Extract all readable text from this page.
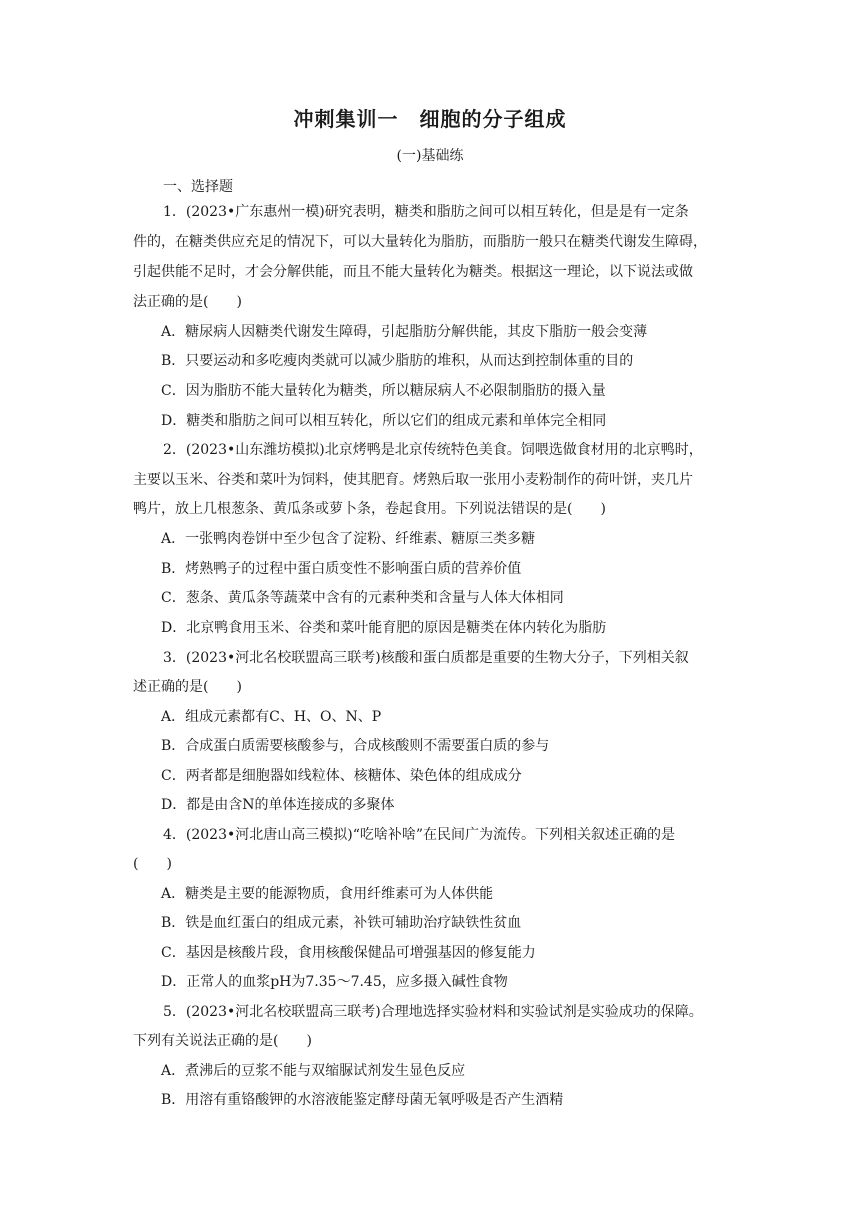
冲刺集训一　细胞的分子组成
(一)基础练
一、选择题
1．(2023•广东惠州一模)研究表明，糖类和脂肪之间可以相互转化，但是是有一定条
件的，在糖类供应充足的情况下，可以大量转化为脂肪，而脂肪一般只在糖类代谢发生障碍，
引起供能不足时，才会分解供能，而且不能大量转化为糖类。根据这一理论，以下说法或做
法正确的是(　　)
A．糖尿病人因糖类代谢发生障碍，引起脂肪分解供能，其皮下脂肪一般会变薄
B．只要运动和多吃瘦肉类就可以减少脂肪的堆积，从而达到控制体重的目的
C．因为脂肪不能大量转化为糖类，所以糖尿病人不必限制脂肪的摄入量
D．糖类和脂肪之间可以相互转化，所以它们的组成元素和单体完全相同
2．(2023•山东潍坊模拟)北京烤鸭是北京传统特色美食。饲喂选做食材用的北京鸭时，
主要以玉米、谷类和菜叶为饲料，使其肥育。烤熟后取一张用小麦粉制作的荷叶饼，夹几片
鸭片，放上几根葱条、黄瓜条或萝卜条，卷起食用。下列说法错误的是(　　)
A．一张鸭肉卷饼中至少包含了淀粉、纤维素、糖原三类多糖
B．烤熟鸭子的过程中蛋白质变性不影响蛋白质的营养价值
C．葱条、黄瓜条等蔬菜中含有的元素种类和含量与人体大体相同
D．北京鸭食用玉米、谷类和菜叶能育肥的原因是糖类在体内转化为脂肪
3．(2023•河北名校联盟高三联考)核酸和蛋白质都是重要的生物大分子，下列相关叙
述正确的是(　　)
A．组成元素都有C、H、O、N、P
B．合成蛋白质需要核酸参与，合成核酸则不需要蛋白质的参与
C．两者都是细胞器如线粒体、核糖体、染色体的组成成分
D．都是由含N的单体连接成的多聚体
4．(2023•河北唐山高三模拟)“吃啥补啥”在民间广为流传。下列相关叙述正确的是
(　　)
A．糖类是主要的能源物质，食用纤维素可为人体供能
B．铁是血红蛋白的组成元素，补铁可辅助治疗缺铁性贫血
C．基因是核酸片段，食用核酸保健品可增强基因的修复能力
D．正常人的血浆pH为7.35～7.45，应多摄入碱性食物
5．(2023•河北名校联盟高三联考)合理地选择实验材料和实验试剂是实验成功的保障。
下列有关说法正确的是(　　)
A．煮沸后的豆浆不能与双缩脲试剂发生显色反应
B．用溶有重铬酸钾的水溶液能鉴定酵母菌无氧呼吸是否产生酒精
